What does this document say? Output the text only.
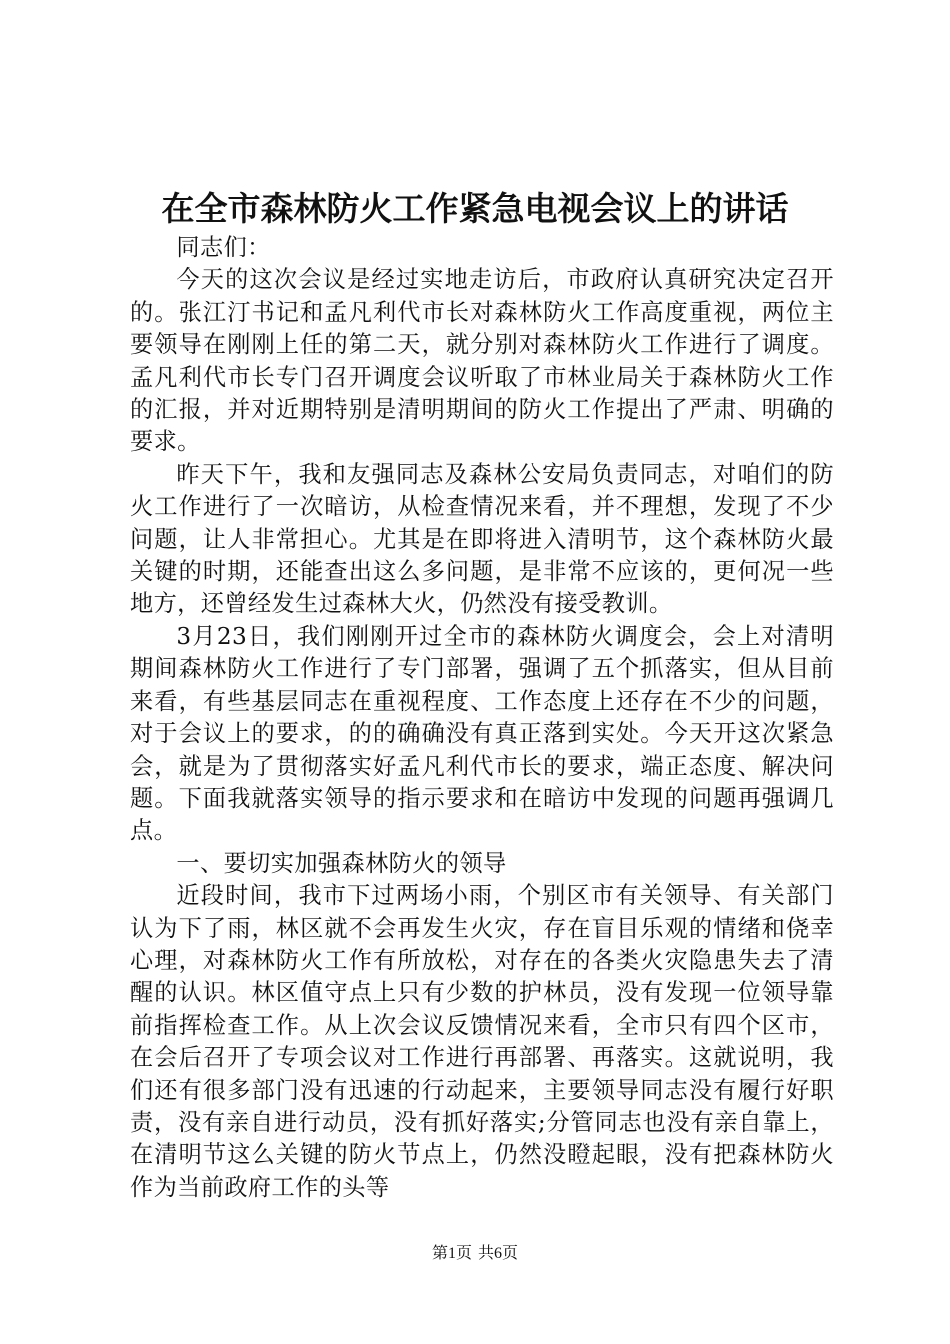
在全市森林防火工作紧急电视会议上的讲话

同志们：

今天的这次会议是经过实地走访后，市政府认真研究决定召开的。张江汀书记和孟凡利代市长对森林防火工作高度重视，两位主要领导在刚刚上任的第二天，就分别对森林防火工作进行了调度。孟凡利代市长专门召开调度会议听取了市林业局关于森林防火工作的汇报，并对近期特别是清明期间的防火工作提出了严肃、明确的要求。

昨天下午，我和友强同志及森林公安局负责同志，对咱们的防火工作进行了一次暗访，从检查情况来看，并不理想，发现了不少问题，让人非常担心。尤其是在即将进入清明节，这个森林防火最关键的时期，还能查出这么多问题，是非常不应该的，更何况一些地方，还曾经发生过森林大火，仍然没有接受教训。

3月23日，我们刚刚开过全市的森林防火调度会，会上对清明期间森林防火工作进行了专门部署，强调了五个抓落实，但从目前来看，有些基层同志在重视程度、工作态度上还存在不少的问题，对于会议上的要求，的的确确没有真正落到实处。今天开这次紧急会，就是为了贯彻落实好孟凡利代市长的要求，端正态度、解决问题。下面我就落实领导的指示要求和在暗访中发现的问题再强调几点。

一、要切实加强森林防火的领导

近段时间，我市下过两场小雨，个别区市有关领导、有关部门认为下了雨，林区就不会再发生火灾，存在盲目乐观的情绪和侥幸心理，对森林防火工作有所放松，对存在的各类火灾隐患失去了清醒的认识。林区值守点上只有少数的护林员，没有发现一位领导靠前指挥检查工作。从上次会议反馈情况来看，全市只有四个区市，在会后召开了专项会议对工作进行再部署、再落实。这就说明，我们还有很多部门没有迅速的行动起来，主要领导同志没有履行好职责，没有亲自进行动员，没有抓好落实;分管同志也没有亲自靠上，在清明节这么关键的防火节点上，仍然没瞪起眼，没有把森林防火作为当前政府工作的头等

第1页 共6页
